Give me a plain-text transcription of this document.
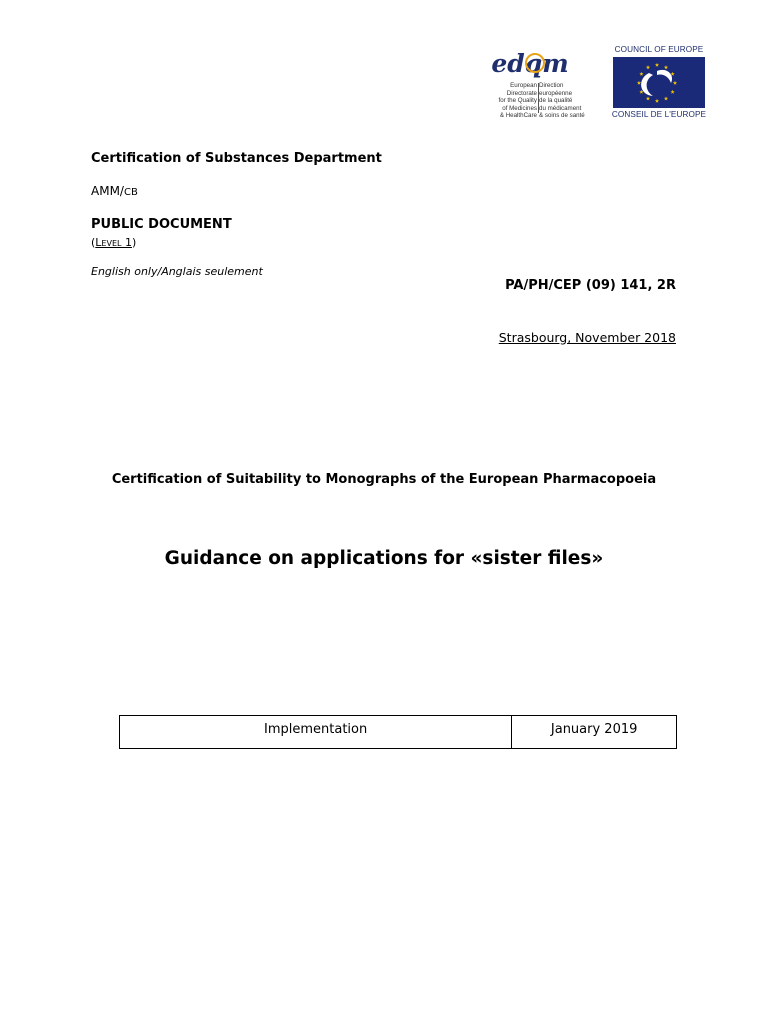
edqm
European Directorate
for the Quality
of Medicines
& HealthCare
Direction européenne
de la qualité
du médicament
& soins de santé
COUNCIL OF EUROPE
CONSEIL DE L'EUROPE
Certification of Substances Department
AMM/CB
PUBLIC DOCUMENT
(Level 1)
English only/Anglais seulement
PA/PH/CEP (09) 141, 2R
Strasbourg, November 2018
Certification of Suitability to Monographs of the European Pharmacopoeia
Guidance on applications for «sister files»
Implementation	January 2019
